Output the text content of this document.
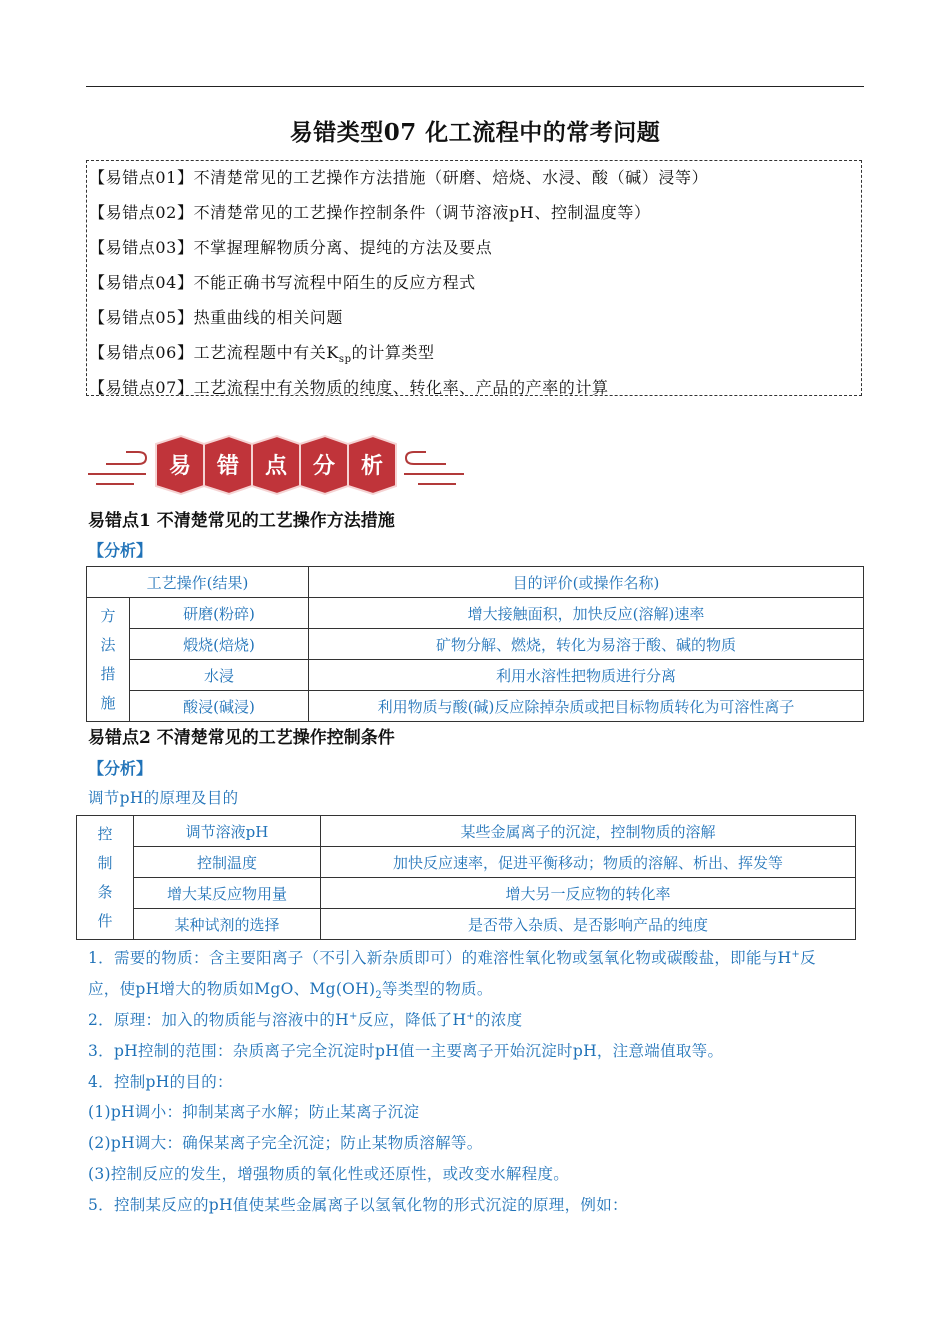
易错类型07 化工流程中的常考问题
【易错点01】不清楚常见的工艺操作方法措施（研磨、焙烧、水浸、酸（碱）浸等）
【易错点02】不清楚常见的工艺操作控制条件（调节溶液pH、控制温度等）
【易错点03】不掌握理解物质分离、提纯的方法及要点
【易错点04】不能正确书写流程中陌生的反应方程式
【易错点05】热重曲线的相关问题
【易错点06】工艺流程题中有关$K_{sp}$的计算类型
【易错点07】工艺流程中有关物质的纯度、转化率、产品的产率的计算
易 错 点 分 析
易错点1 不清楚常见的工艺操作方法措施
【分析】
工艺操作(结果)		目的评价(或操作名称)

方
法
措
施	研磨(粉碎)	增大接触面积，加快反应(溶解)速率
	煅烧(焙烧)	矿物分解、燃烧，转化为易溶于酸、碱的物质
	水浸	利用水溶性把物质进行分离
	酸浸(碱浸)	利用物质与酸(碱)反应除掉杂质或把目标物质转化为可溶性离子
易错点2 不清楚常见的工艺操作控制条件
【分析】
调节pH的原理及目的
控
制
条
件	调节溶液pH	某些金属离子的沉淀，控制物质的溶解
	控制温度	加快反应速率，促进平衡移动；物质的溶解、析出、挥发等
	增大某反应物用量	增大另一反应物的转化率
	某种试剂的选择	是否带入杂质、是否影响产品的纯度
1．需要的物质：含主要阳离子（不引入新杂质即可）的难溶性氧化物或氢氧化物或碳酸盐，即能与H+反
应，使pH增大的物质如MgO、$Mg(OH)_2$等类型的物质。
2．原理：加入的物质能与溶液中的H+反应，降低了H+的浓度
3．pH控制的范围：杂质离子完全沉淀时pH值一主要离子开始沉淀时pH，注意端值取等。
4．控制pH的目的：
(1)pH调小：抑制某离子水解；防止某离子沉淀
(2)pH调大：确保某离子完全沉淀；防止某物质溶解等。
(3)控制反应的发生，增强物质的氧化性或还原性，或改变水解程度。
5．控制某反应的pH值使某些金属离子以氢氧化物的形式沉淀的原理，例如：
